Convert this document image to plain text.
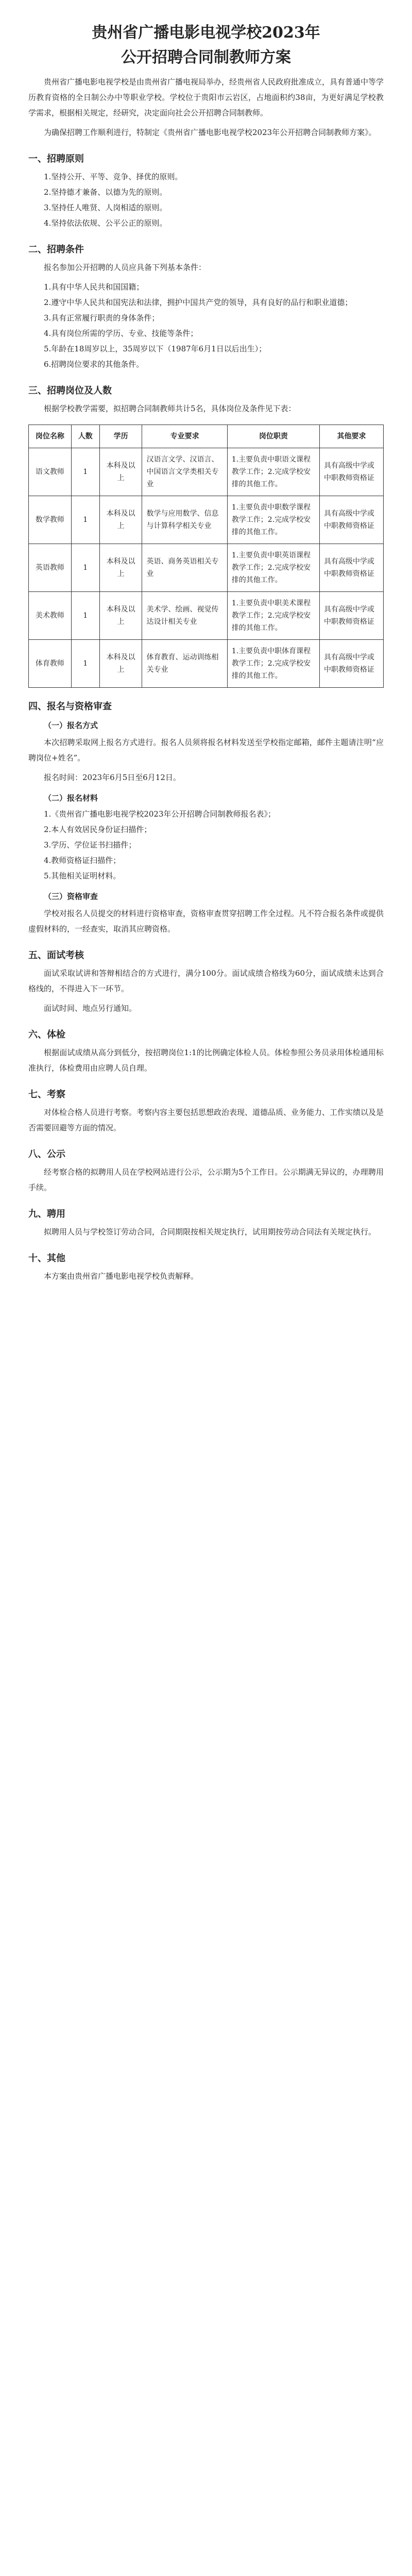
贵州省广播电影电视学校2023年
公开招聘合同制教师方案

贵州省广播电影电视学校是由贵州省广播电视局举办，经贵州省人民政府批准成立，具有普通中等学历教育资格的全日制公办中等职业学校。学校位于贵阳市云岩区，占地面积约38亩，为更好满足学校教学需求，根据相关规定，经研究，决定面向社会公开招聘合同制教师。

为确保招聘工作顺利进行，特制定《贵州省广播电影电视学校2023年公开招聘合同制教师方案》。

一、招聘原则
1.坚持公开、平等、竞争、择优的原则。
2.坚持德才兼备、以德为先的原则。
3.坚持任人唯贤、人岗相适的原则。
4.坚持依法依规、公平公正的原则。
二、招聘条件

报名参加公开招聘的人员应具备下列基本条件：

1.具有中华人民共和国国籍；
2.遵守中华人民共和国宪法和法律，拥护中国共产党的领导，具有良好的品行和职业道德；
3.具有正常履行职责的身体条件；
4.具有岗位所需的学历、专业、技能等条件；
5.年龄在18周岁以上，35周岁以下（1987年6月1日以后出生）；
6.招聘岗位要求的其他条件。
三、招聘岗位及人数

根据学校教学需要，拟招聘合同制教师共计5名，具体岗位及条件见下表：

岗位名称	人数	学历	专业要求	岗位职责	其他要求
语文教师	1	本科及以上	汉语言文学、汉语言、中国语言文学类相关专业	1.主要负责中职语文课程教学工作；2.完成学校安排的其他工作。	具有高级中学或中职教师资格证
数学教师	1	本科及以上	数学与应用数学、信息与计算科学相关专业	1.主要负责中职数学课程教学工作；2.完成学校安排的其他工作。	具有高级中学或中职教师资格证
英语教师	1	本科及以上	英语、商务英语相关专业	1.主要负责中职英语课程教学工作；2.完成学校安排的其他工作。	具有高级中学或中职教师资格证
美术教师	1	本科及以上	美术学、绘画、视觉传达设计相关专业	1.主要负责中职美术课程教学工作；2.完成学校安排的其他工作。	具有高级中学或中职教师资格证
体育教师	1	本科及以上	体育教育、运动训练相关专业	1.主要负责中职体育课程教学工作；2.完成学校安排的其他工作。	具有高级中学或中职教师资格证
四、报名与资格审查
（一）报名方式

本次招聘采取网上报名方式进行。报名人员须将报名材料发送至学校指定邮箱，邮件主题请注明“应聘岗位+姓名”。

报名时间：2023年6月5日至6月12日。

（二）报名材料
1.《贵州省广播电影电视学校2023年公开招聘合同制教师报名表》；
2.本人有效居民身份证扫描件；
3.学历、学位证书扫描件；
4.教师资格证扫描件；
5.其他相关证明材料。
（三）资格审查

学校对报名人员提交的材料进行资格审查，资格审查贯穿招聘工作全过程。凡不符合报名条件或提供虚假材料的，一经查实，取消其应聘资格。

五、面试考核

面试采取试讲和答辩相结合的方式进行，满分100分。面试成绩合格线为60分，面试成绩未达到合格线的，不得进入下一环节。

面试时间、地点另行通知。

六、体检

根据面试成绩从高分到低分，按招聘岗位1:1的比例确定体检人员。体检参照公务员录用体检通用标准执行，体检费用由应聘人员自理。

七、考察

对体检合格人员进行考察。考察内容主要包括思想政治表现、道德品质、业务能力、工作实绩以及是否需要回避等方面的情况。

八、公示

经考察合格的拟聘用人员在学校网站进行公示，公示期为5个工作日。公示期满无异议的，办理聘用手续。

九、聘用

拟聘用人员与学校签订劳动合同，合同期限按相关规定执行，试用期按劳动合同法有关规定执行。

十、其他

本方案由贵州省广播电影电视学校负责解释。
